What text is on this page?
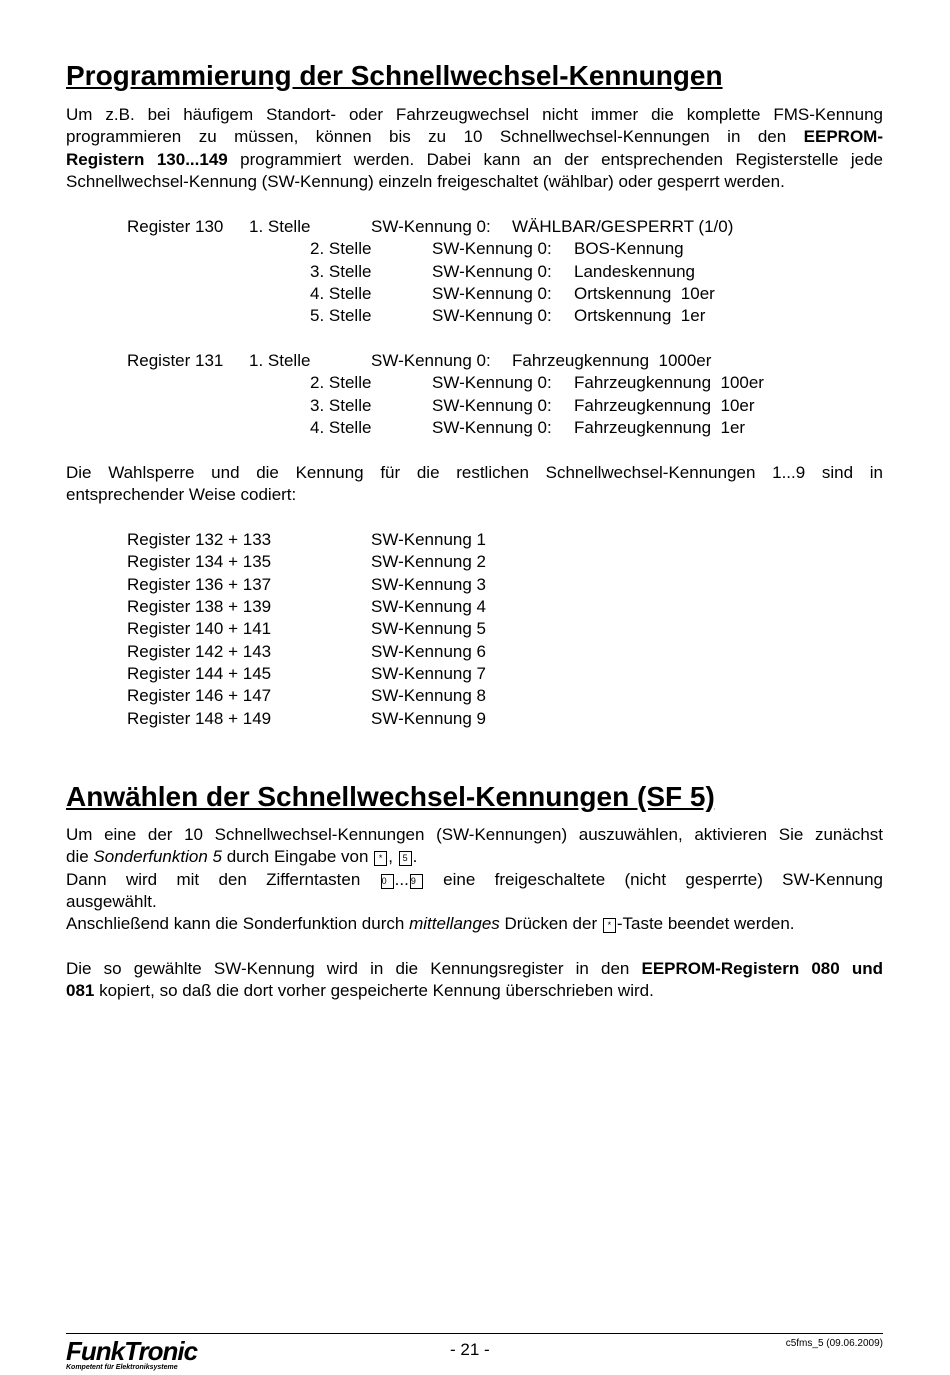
Programmierung der Schnellwechsel-Kennungen
Um z.B. bei häufigem Standort- oder Fahrzeugwechsel nicht immer die komplette FMS-Kennung
programmieren zu müssen, können bis zu 10 Schnellwechsel-Kennungen in den EEPROM-
Registern 130...149 programmiert werden. Dabei kann an der entsprechenden Registerstelle jede
Schnellwechsel-Kennung (SW-Kennung) einzeln freigeschaltet (wählbar) oder gesperrt werden.
Register 130 1. Stelle	SW-Kennung 0: WÄHLBAR/GESPERRT (1/0)
2. Stelle	SW-Kennung 0: BOS-Kennung
3. Stelle	SW-Kennung 0: Landeskennung
4. Stelle	SW-Kennung 0: Ortskennung  10er
5. Stelle	SW-Kennung 0: Ortskennung  1er
Register 131 1. Stelle	SW-Kennung 0: Fahrzeugkennung  1000er
2. Stelle	SW-Kennung 0: Fahrzeugkennung  100er
3. Stelle	SW-Kennung 0: Fahrzeugkennung  10er
4. Stelle	SW-Kennung 0: Fahrzeugkennung  1er
Die Wahlsperre und die Kennung für die restlichen Schnellwechsel-Kennungen 1...9 sind in
entsprechender Weise codiert:
Register 132 + 133	SW-Kennung 1
Register 134 + 135	SW-Kennung 2
Register 136 + 137	SW-Kennung 3
Register 138 + 139	SW-Kennung 4
Register 140 + 141	SW-Kennung 5
Register 142 + 143	SW-Kennung 6
Register 144 + 145	SW-Kennung 7
Register 146 + 147	SW-Kennung 8
Register 148 + 149	SW-Kennung 9
Anwählen der Schnellwechsel-Kennungen (SF 5)
Um eine der 10 Schnellwechsel-Kennungen (SW-Kennungen) auszuwählen, aktivieren Sie zunächst
die Sonderfunktion 5 durch Eingabe von * , 5 .
Dann wird mit den Zifferntasten 0 ... 9 eine freigeschaltete (nicht gesperrte) SW-Kennung
ausgewählt.
Anschließend kann die Sonderfunktion durch mittellanges Drücken der * -Taste beendet werden.
Die so gewählte SW-Kennung wird in die Kennungsregister in den EEPROM-Registern 080 und
081 kopiert, so daß die dort vorher gespeicherte Kennung überschrieben wird.
FunkTronic
Kompetent für Elektroniksysteme
- 21 -	c5fms_5 (09.06.2009)
